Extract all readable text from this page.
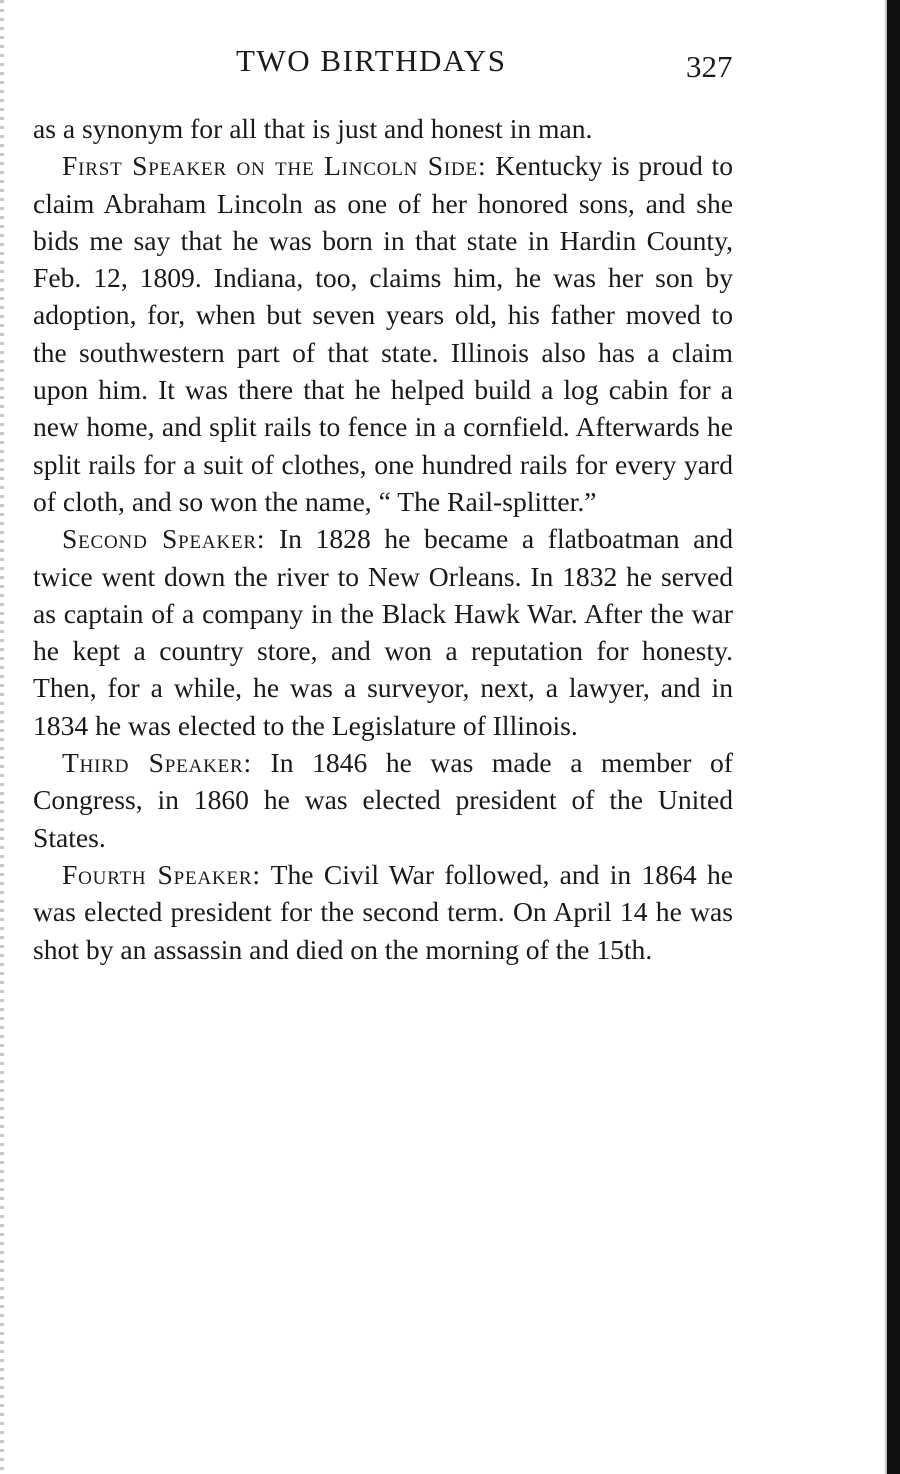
TWO BIRTHDAYS	327

as a synonym for all that is just and honest in man.

First Speaker on the Lincoln Side: Kentucky is proud to claim Abraham Lincoln as one of her honored sons, and she bids me say that he was born in that state in Hardin County, Feb. 12, 1809. Indiana, too, claims him, he was her son by adoption, for, when but seven years old, his father moved to the southwestern part of that state. Illinois also has a claim upon him. It was there that he helped build a log cabin for a new home, and split rails to fence in a cornfield. Afterwards he split rails for a suit of clothes, one hundred rails for every yard of cloth, and so won the name, “ The Rail-splitter.”

Second Speaker: In 1828 he became a flatboatman and twice went down the river to New Orleans. In 1832 he served as captain of a company in the Black Hawk War. After the war he kept a country store, and won a reputation for honesty. Then, for a while, he was a surveyor, next, a lawyer, and in 1834 he was elected to the Legislature of Illinois.

Third Speaker: In 1846 he was made a member of Congress, in 1860 he was elected president of the United States.

Fourth Speaker: The Civil War followed, and in 1864 he was elected president for the second term. On April 14 he was shot by an assassin and died on the morning of the 15th.
